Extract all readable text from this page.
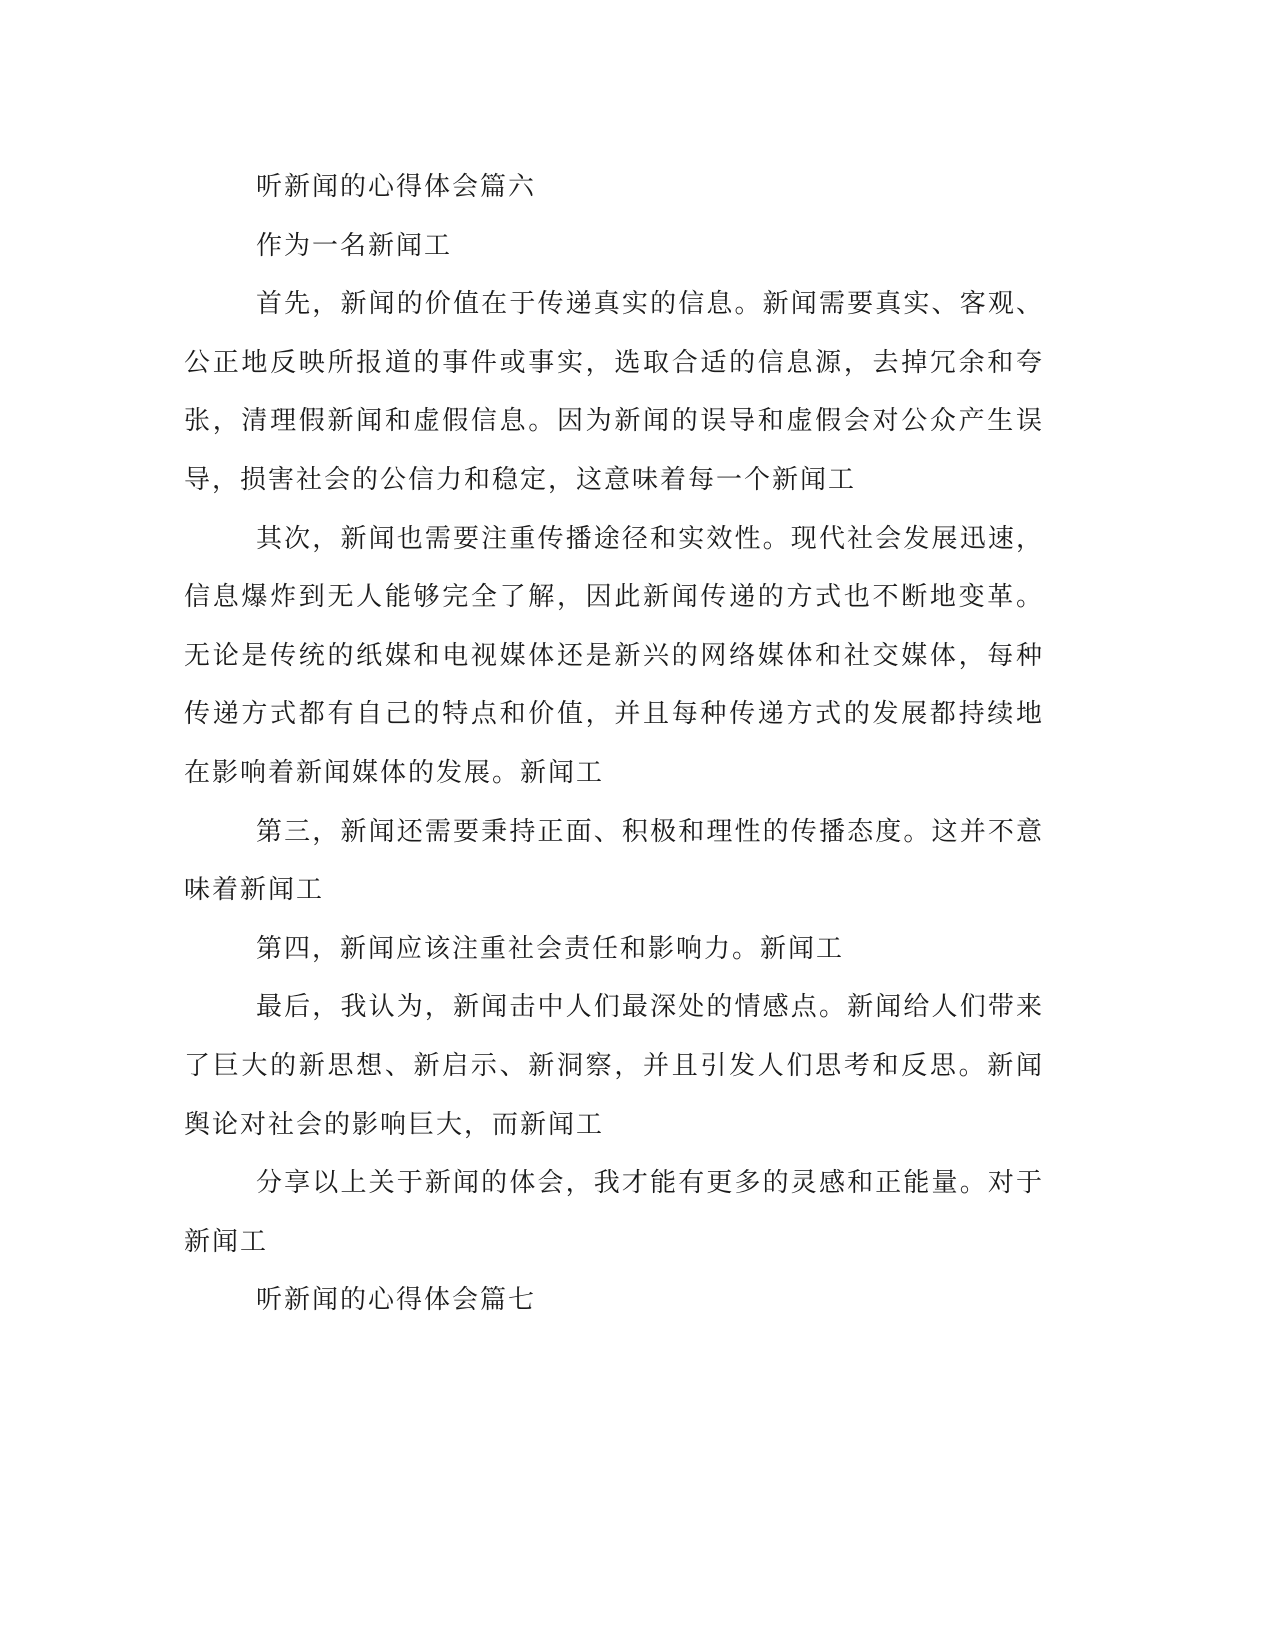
听新闻的心得体会篇六

作为一名新闻工

首先，新闻的价值在于传递真实的信息。新闻需要真实、客观、公正地反映所报道的事件或事实，选取合适的信息源，去掉冗余和夸张，清理假新闻和虚假信息。因为新闻的误导和虚假会对公众产生误导，损害社会的公信力和稳定，这意味着每一个新闻工

其次，新闻也需要注重传播途径和实效性。现代社会发展迅速，信息爆炸到无人能够完全了解，因此新闻传递的方式也不断地变革。无论是传统的纸媒和电视媒体还是新兴的网络媒体和社交媒体，每种传递方式都有自己的特点和价值，并且每种传递方式的发展都持续地在影响着新闻媒体的发展。新闻工

第三，新闻还需要秉持正面、积极和理性的传播态度。这并不意味着新闻工

第四，新闻应该注重社会责任和影响力。新闻工

最后，我认为，新闻击中人们最深处的情感点。新闻给人们带来了巨大的新思想、新启示、新洞察，并且引发人们思考和反思。新闻舆论对社会的影响巨大，而新闻工

分享以上关于新闻的体会，我才能有更多的灵感和正能量。对于新闻工

听新闻的心得体会篇七
